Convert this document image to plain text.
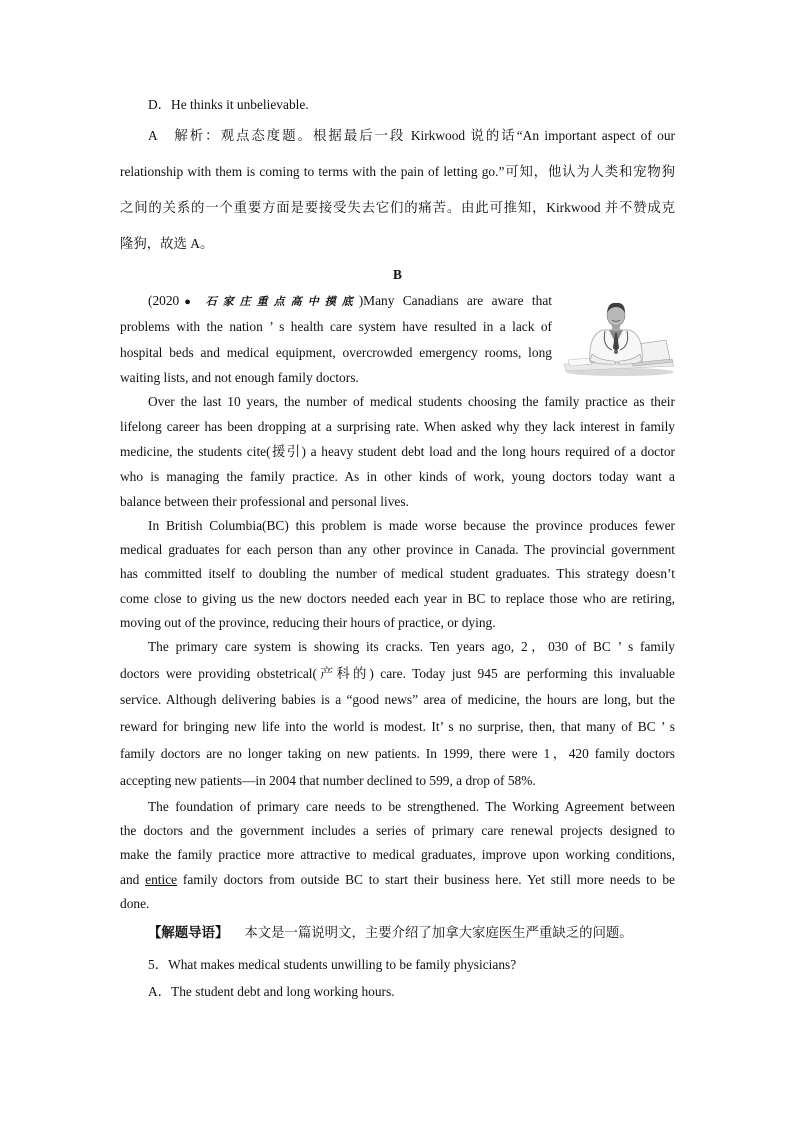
D．He thinks it unbelievable.
A　解析：观点态度题。根据最后一段 Kirkwood 说的话“An important aspect of our
relationship with them is coming to terms with the pain of letting go.”可知，他认为人类和宠物狗
之间的关系的一个重要方面是要接受失去它们的痛苦。由此可推知，Kirkwood 并不赞成克
隆狗，故选 A。
B
(2020● 石家庄重点高中摸底)Many Canadians are aware that
problems with the nation ’ s health care system have resulted in a lack of
hospital beds and medical equipment, overcrowded emergency rooms, long
waiting lists, and not enough family doctors.
Over the last 10 years, the number of medical students choosing the family practice as their
lifelong career has been dropping at a surprising rate. When asked why they lack interest in family
medicine, the students cite(援引) a heavy student debt load and the long hours required of a doctor
who is managing the family practice. As in other kinds of work, young doctors today want a
balance between their professional and personal lives.
In British Columbia(BC) this problem is made worse because the province produces fewer
medical graduates for each person than any other province in Canada. The provincial government
has committed itself to doubling the number of medical student graduates. This strategy doesn’t
come close to giving us the new doctors needed each year in BC to replace those who are retiring,
moving out of the province, reducing their hours of practice, or dying.
The primary care system is showing its cracks. Ten years ago, 2，030 of BC ’ s family
doctors were providing obstetrical(产科的) care. Today just 945 are performing this invaluable
service. Although delivering babies is a “good news” area of medicine, the hours are long, but the
reward for bringing new life into the world is modest. It’ s no surprise, then, that many of BC ’ s
family doctors are no longer taking on new patients. In 1999, there were 1，420 family doctors
accepting new patients—in 2004 that number declined to 599, a drop of 58%.
The foundation of primary care needs to be strengthened. The Working Agreement between
the doctors and the government includes a series of primary care renewal projects designed to
make the family practice more attractive to medical graduates, improve upon working conditions,
and entice family doctors from outside BC to start their business here. Yet still more needs to be
done.
【解题导语】 本文是一篇说明文，主要介绍了加拿大家庭医生严重缺乏的问题。
5．What makes medical students unwilling to be family physicians?
A．The student debt and long working hours.
